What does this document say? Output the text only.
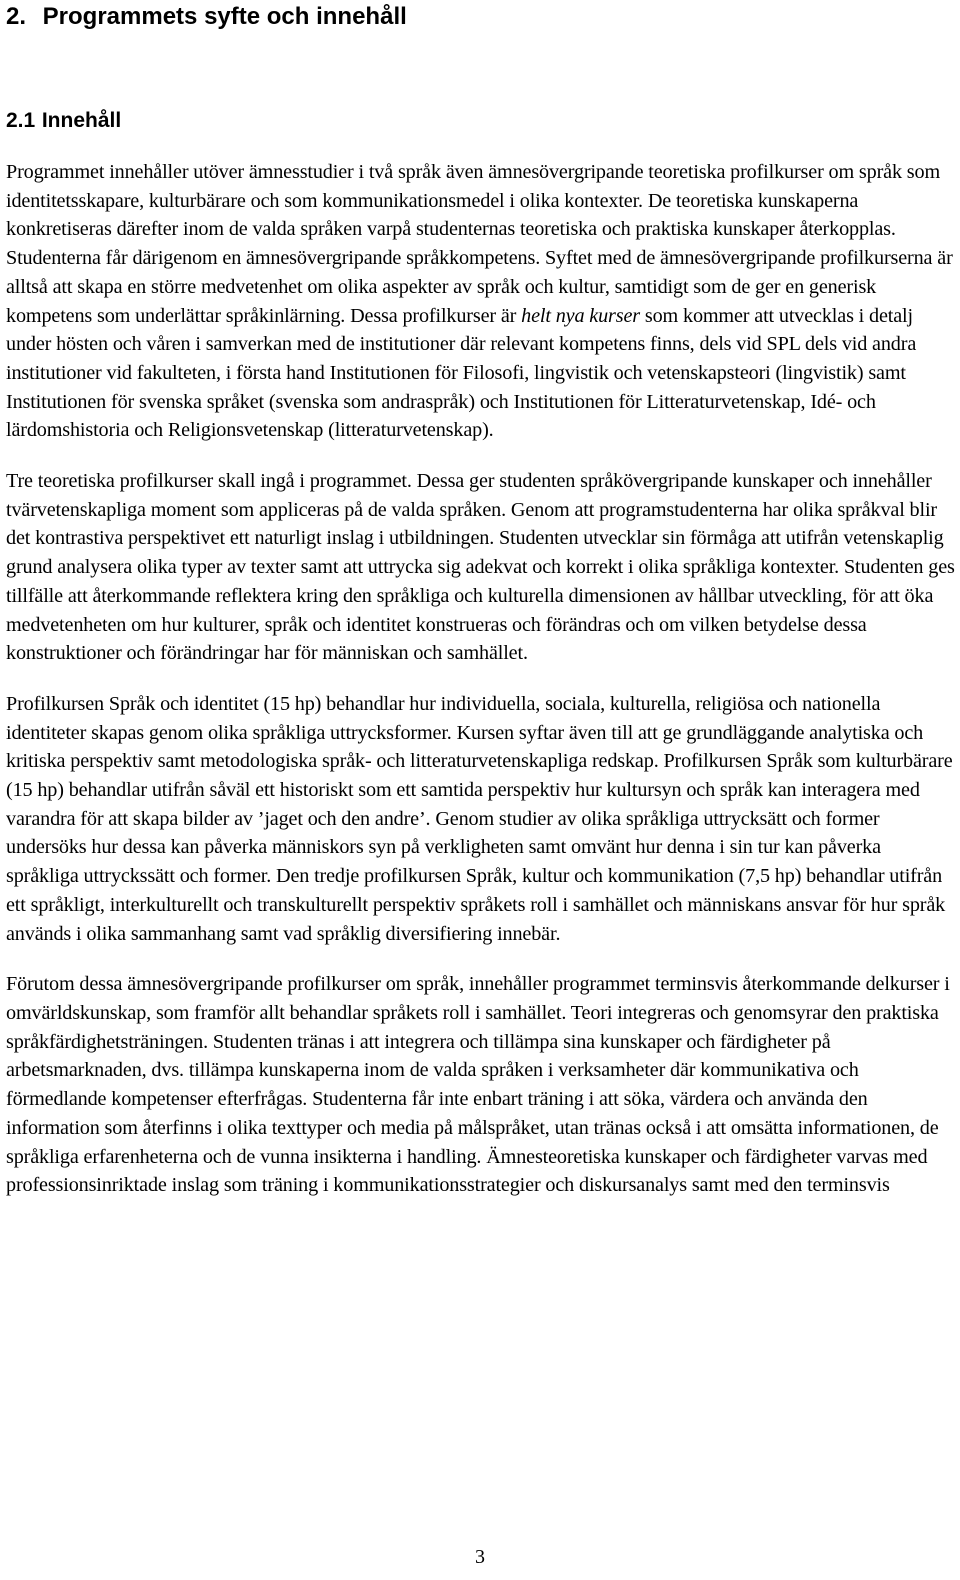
2. Programmets syfte och innehåll
2.1 Innehåll

Programmet innehåller utöver ämnesstudier i två språk även ämnesövergripande teoretiska profilkurser om språk som identitetsskapare, kulturbärare och som kommunikationsmedel i olika kontexter. De teoretiska kunskaperna konkretiseras därefter inom de valda språken varpå studenternas teoretiska och praktiska kunskaper återkopplas. Studenterna får därigenom en ämnesövergripande språkkompetens. Syftet med de ämnesövergripande profilkurserna är alltså att skapa en större medvetenhet om olika aspekter av språk och kultur, samtidigt som de ger en generisk kompetens som underlättar språkinlärning. Dessa profilkurser är helt nya kurser som kommer att utvecklas i detalj under hösten och våren i samverkan med de institutioner där relevant kompetens finns, dels vid SPL dels vid andra institutioner vid fakulteten, i första hand Institutionen för Filosofi, lingvistik och vetenskapsteori (lingvistik) samt Institutionen för svenska språket (svenska som andraspråk) och Institutionen för Litteraturvetenskap, Idé- och lärdomshistoria och Religionsvetenskap (litteraturvetenskap).

Tre teoretiska profilkurser skall ingå i programmet. Dessa ger studenten språkövergripande kunskaper och innehåller tvärvetenskapliga moment som appliceras på de valda språken. Genom att programstudenterna har olika språkval blir det kontrastiva perspektivet ett naturligt inslag i utbildningen. Studenten utvecklar sin förmåga att utifrån vetenskaplig grund analysera olika typer av texter samt att uttrycka sig adekvat och korrekt i olika språkliga kontexter. Studenten ges tillfälle att återkommande reflektera kring den språkliga och kulturella dimensionen av hållbar utveckling, för att öka medvetenheten om hur kulturer, språk och identitet konstrueras och förändras och om vilken betydelse dessa konstruktioner och förändringar har för människan och samhället.

Profilkursen Språk och identitet (15 hp) behandlar hur individuella, sociala, kulturella, religiösa och nationella identiteter skapas genom olika språkliga uttrycksformer. Kursen syftar även till att ge grundläggande analytiska och kritiska perspektiv samt metodologiska språk- och litteraturvetenskapliga redskap. Profilkursen Språk som kulturbärare (15 hp) behandlar utifrån såväl ett historiskt som ett samtida perspektiv hur kultursyn och språk kan interagera med varandra för att skapa bilder av ’jaget och den andre’. Genom studier av olika språkliga uttrycksätt och former undersöks hur dessa kan påverka människors syn på verkligheten samt omvänt hur denna i sin tur kan påverka språkliga uttryckssätt och former. Den tredje profilkursen Språk, kultur och kommunikation (7,5 hp) behandlar utifrån ett språkligt, interkulturellt och transkulturellt perspektiv språkets roll i samhället och människans ansvar för hur språk används i olika sammanhang samt vad språklig diversifiering innebär.

Förutom dessa ämnesövergripande profilkurser om språk, innehåller programmet terminsvis återkommande delkurser i omvärldskunskap, som framför allt behandlar språkets roll i samhället. Teori integreras och genomsyrar den praktiska språkfärdighetsträningen. Studenten tränas i att integrera och tillämpa sina kunskaper och färdigheter på arbetsmarknaden, dvs. tillämpa kunskaperna inom de valda språken i verksamheter där kommunikativa och förmedlande kompetenser efterfrågas. Studenterna får inte enbart träning i att söka, värdera och använda den information som återfinns i olika texttyper och media på målspråket, utan tränas också i att omsätta informationen, de språkliga erfarenheterna och de vunna insikterna i handling. Ämnesteoretiska kunskaper och färdigheter varvas med professionsinriktade inslag som träning i kommunikationsstrategier och diskursanalys samt med den terminsvis

3
